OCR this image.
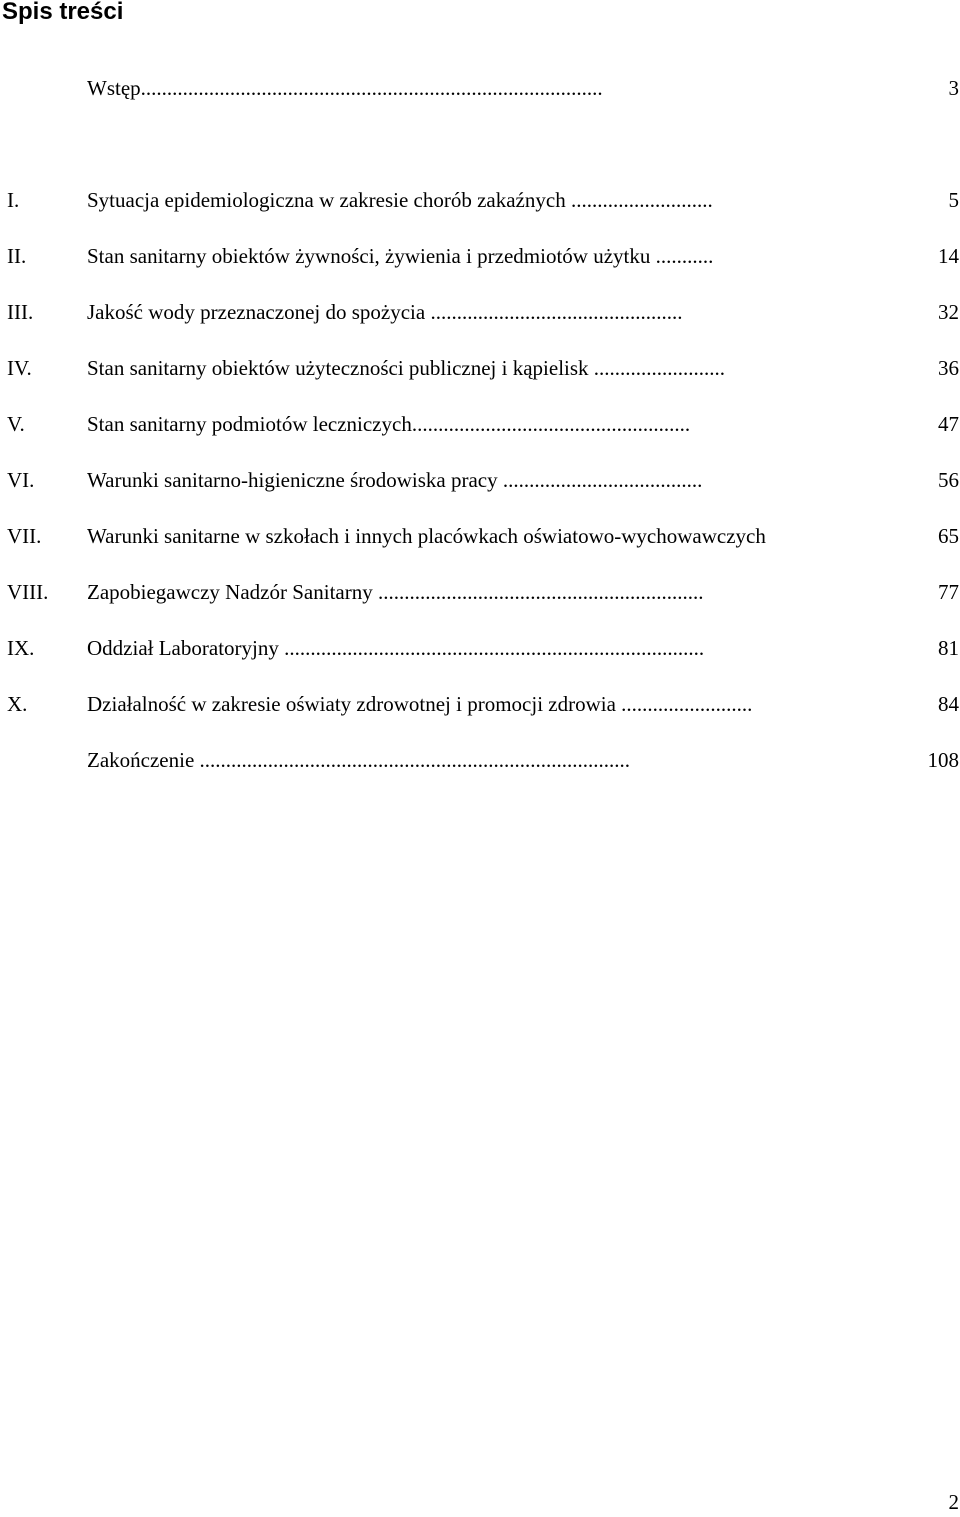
Spis treści
Wstęp........................................................................................	3
I.	Sytuacja epidemiologiczna w zakresie chorób zakaźnych ...........................	5
II.	Stan sanitarny obiektów żywności, żywienia i przedmiotów użytku ...........	14
III.	Jakość wody przeznaczonej do spożycia ................................................	32
IV.	Stan sanitarny obiektów użyteczności publicznej i kąpielisk .........................	36
V.	Stan sanitarny podmiotów leczniczych.....................................................	47
VI.	Warunki sanitarno-higieniczne środowiska pracy ......................................	56
VII. Warunki sanitarne w szkołach i innych placówkach oświatowo-wychowawczych	65
VIII. Zapobiegawczy Nadzór Sanitarny ..............................................................	77
IX.	Oddział Laboratoryjny ................................................................................	81
X.	Działalność w zakresie oświaty zdrowotnej i promocji zdrowia .........................	84
Zakończenie ..................................................................................	108
2
